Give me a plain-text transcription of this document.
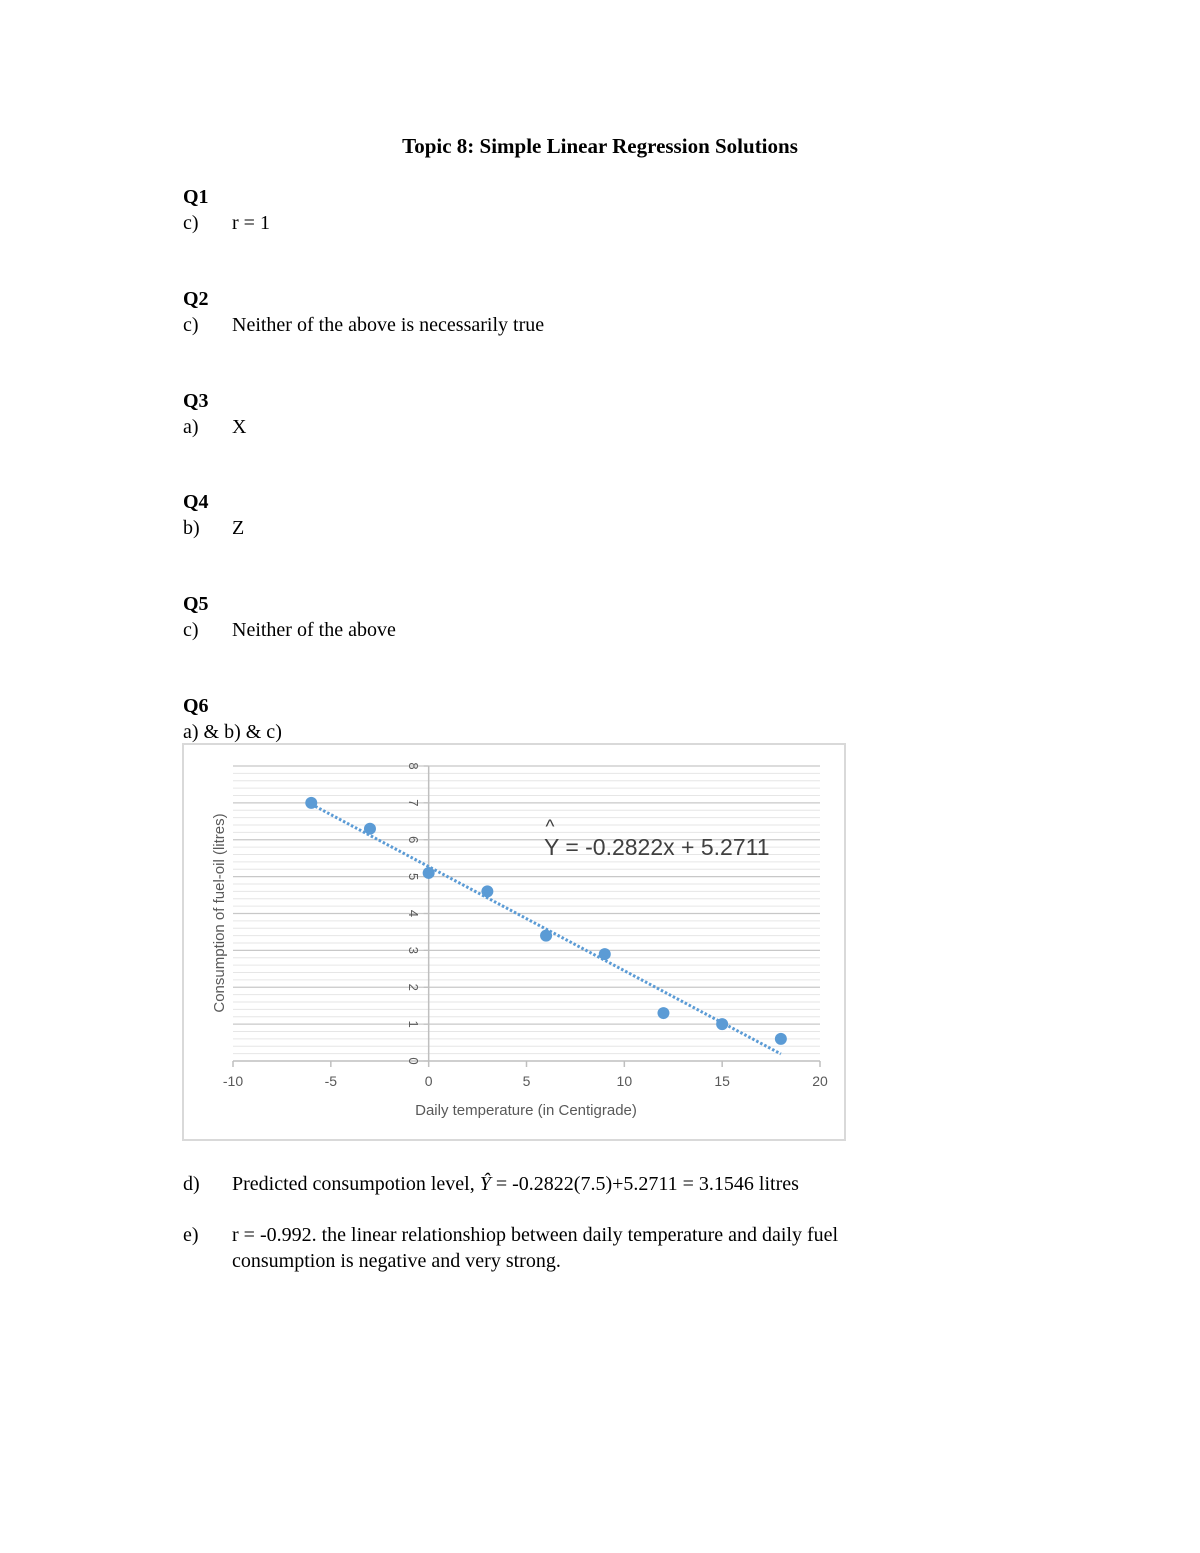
Topic 8: Simple Linear Regression Solutions
Q1
c) r = 1
Q2
c) Neither of the above is necessarily true
Q3
a) X
Q4
b) Z
Q5
c) Neither of the above
Q6
a) & b) & c)
-10	-5	0	5	10	15	20
0
1
2
3
4
5
6
7
8
^
Y = -0.2822x + 5.2711
Daily temperature (in Centigrade)
Consumption of fuel-oil (litres)
d) Predicted consumpotion level, Ŷ = -0.2822(7.5)+5.2711 = 3.1546 litres
e) r = -0.992. the linear relationshiop between daily temperature and daily fuel consumption is negative and very strong.
